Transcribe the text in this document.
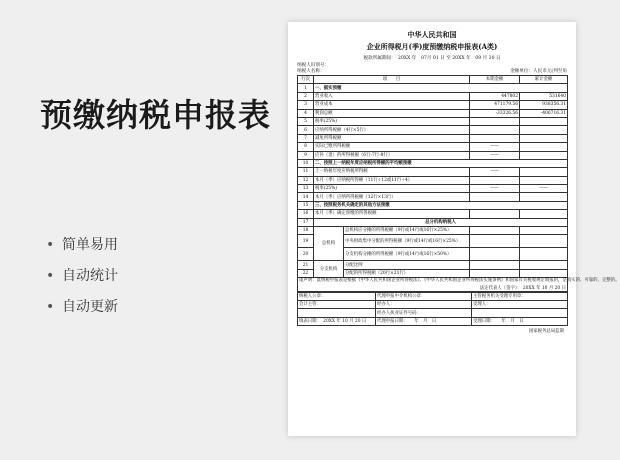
预缴纳税申报表
• 简单易用
• 自动统计
• 自动更新
中华人民共和国
企业所得税月(季)度预缴纳税申报表(A类)
税款所属期间：　20XX 年　07月 01 日 至 20XX 年　09 月 30 日
纳税人识别号：
纳税人名称：	金额单位：人民币元(列至角
行次	项　　目		本期金额	累计金额
1	一、据实预缴			
2	营业收入		447802	531640
3	营业成本		471179.56	938356.31
4	利润总额		-33326.56	-406716.31
5	税率(25%)			
6	应纳所得税额（4行×5行）			
7	减免所得税额			
8	实际已缴所得税额		——	
9	应补（退）的所得税额（6行-7行-8行）		——	
10	二、按照上一纳税年度应纳税所得额的平均额预缴			
11	上一纳税年度应纳税所得额		——	
12	本月（季）应纳税所得额（11行÷12或11行÷4）			
13	税率(25%)		——	——
14	本月（季）应纳所得税额（12行×13行）			
15	三、按照税务机关确定的其他方法预缴			
16	本月（季）确定预缴的所得税额			
17	总分机构纳税人			
18	总机构	总机构应分摊的所得税额（9行或14行或16行×25%）		
19		中央财政集中分配的所得税额（9行或14行或16行×25%）		
20		分支机构分摊的所得税额（9行或14行或16行×50%）		
21	分支机构	分配比例		
22		分配的所得税额（20行×21行）		

谨声明：此纳税申报表是根据《中华人民共和国企业所得税法》、《中华人民共和国企业所得税法实施条例》和国家有关税收规定填报的，是真实的、可靠的、完整的。
法定代表人（签字）： 20XX 年 10 月 20 日				
纳税人公章：	代理申报中介机构公章：	主管税务机关受理专用章：
会计主管：	经办人：	受理人：
	经办人执业证件号码：	
填表日期：　20XX 年 10 月 20 日	代理申报日期：　　年　月　日	受理日期：　　年　月　日
国家税务总局监制
